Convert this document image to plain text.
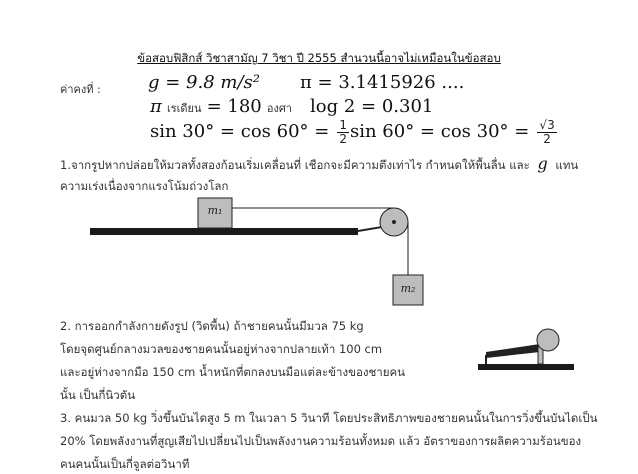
ข้อสอบฟิสิกส์ วิชาสามัญ 7 วิชา ปี 2555 สำนวนนี้อาจไม่เหมือนในข้อสอบ
ค่าคงที่ :	g = 9.8 m/s² π = 3.1415926 ....
π เรเดียน = 180 องศา log 2 = 0.301
$\sin 30^\circ = \cos 60^\circ = \frac{1}{2}$ $\sin 60^\circ = \cos 30^\circ = \frac{√3}{2}$
1.จากรูปหากปล่อยให้มวลทั้งสองก้อนเริ่มเคลื่อนที่ เชือกจะมีความตึงเท่าไร กำหนดให้พื้นลื่น และ g แทน
ความเร่งเนื่องจากแรงโน้มถ่วงโลก
m₁
m₂
2. การออกกำลังกายดังรูป (วิดพื้น) ถ้าชายคนนั้นมีมวล 75 kg
โดยจุดศูนย์กลางมวลของชายคนนั้นอยู่ห่างจากปลายเท้า 100 cm
และอยู่ห่างจากมือ 150 cm น้ำหนักที่ตกลงบนมือแต่ละข้างของชายคน
นั้น เป็นกี่นิวตัน
3. คนมวล 50 kg วิ่งขึ้นบันไดสูง 5 m ในเวลา 5 วินาที โดยประสิทธิภาพของชายคนนั้นในการวิ่งขึ้นบันไดเป็น
20% โดยพลังงานที่สูญเสียไปเปลี่ยนไปเป็นพลังงานความร้อนทั้งหมด แล้ว อัตราของการผลิตความร้อนของ
คนคนนั้นเป็นกี่จูลต่อวินาที
